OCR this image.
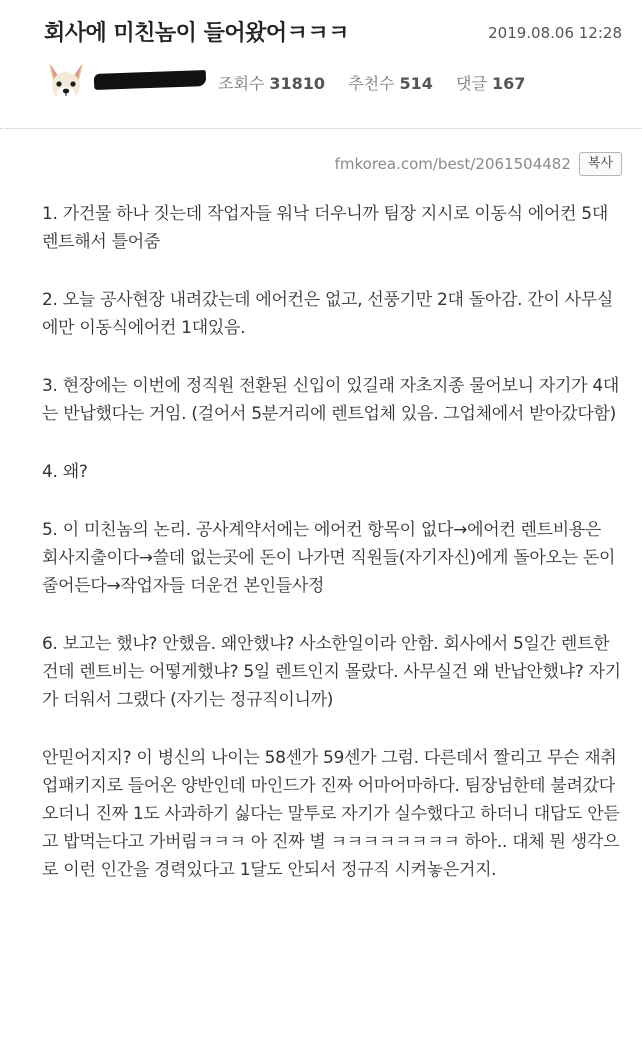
회사에 미친놈이 들어왔어ㅋㅋㅋ	2019.08.06 12:28
조회수 31810 추천수 514 댓글 167
fmkorea.com/best/2061504482	복사

1. 가건물 하나 짓는데 작업자들 워낙 더우니까 팀장 지시로 이동식 에어컨 5대 렌트해서 틀어줌

2. 오늘 공사현장 내려갔는데 에어컨은 없고, 선풍기만 2대 돌아감. 간이 사무실에만 이동식에어컨 1대있음.

3. 현장에는 이번에 정직원 전환된 신입이 있길래 자초지종 물어보니 자기가 4대는 반납했다는 거임. (걸어서 5분거리에 렌트업체 있음. 그업체에서 받아갔다함)

4. 왜?

5. 이 미친놈의 논리. 공사계약서에는 에어컨 항목이 없다→에어컨 렌트비용은 회사지출이다→쓸데 없는곳에 돈이 나가면 직원들(자기자신)에게 돌아오는 돈이 줄어든다→작업자들 더운건 본인들사정

6. 보고는 했냐? 안했음. 왜안했냐? 사소한일이라 안함. 회사에서 5일간 렌트한건데 렌트비는 어떻게했냐? 5일 렌트인지 몰랐다. 사무실건 왜 반납안했냐? 자기가 더워서 그랬다 (자기는 정규직이니까)

안믿어지지? 이 병신의 나이는 58센가 59센가 그럼. 다른데서 짤리고 무슨 재취업패키지로 들어온 양반인데 마인드가 진짜 어마어마하다. 팀장님한테 불려갔다 오더니 진짜 1도 사과하기 싫다는 말투로 자기가 실수했다고 하더니 대답도 안듣고 밥먹는다고 가버림ㅋㅋㅋ 아 진짜 별 ㅋㅋㅋㅋㅋㅋㅋㅋ 하아.. 대체 뭔 생각으로 이런 인간을 경력있다고 1달도 안되서 정규직 시켜놓은거지.
